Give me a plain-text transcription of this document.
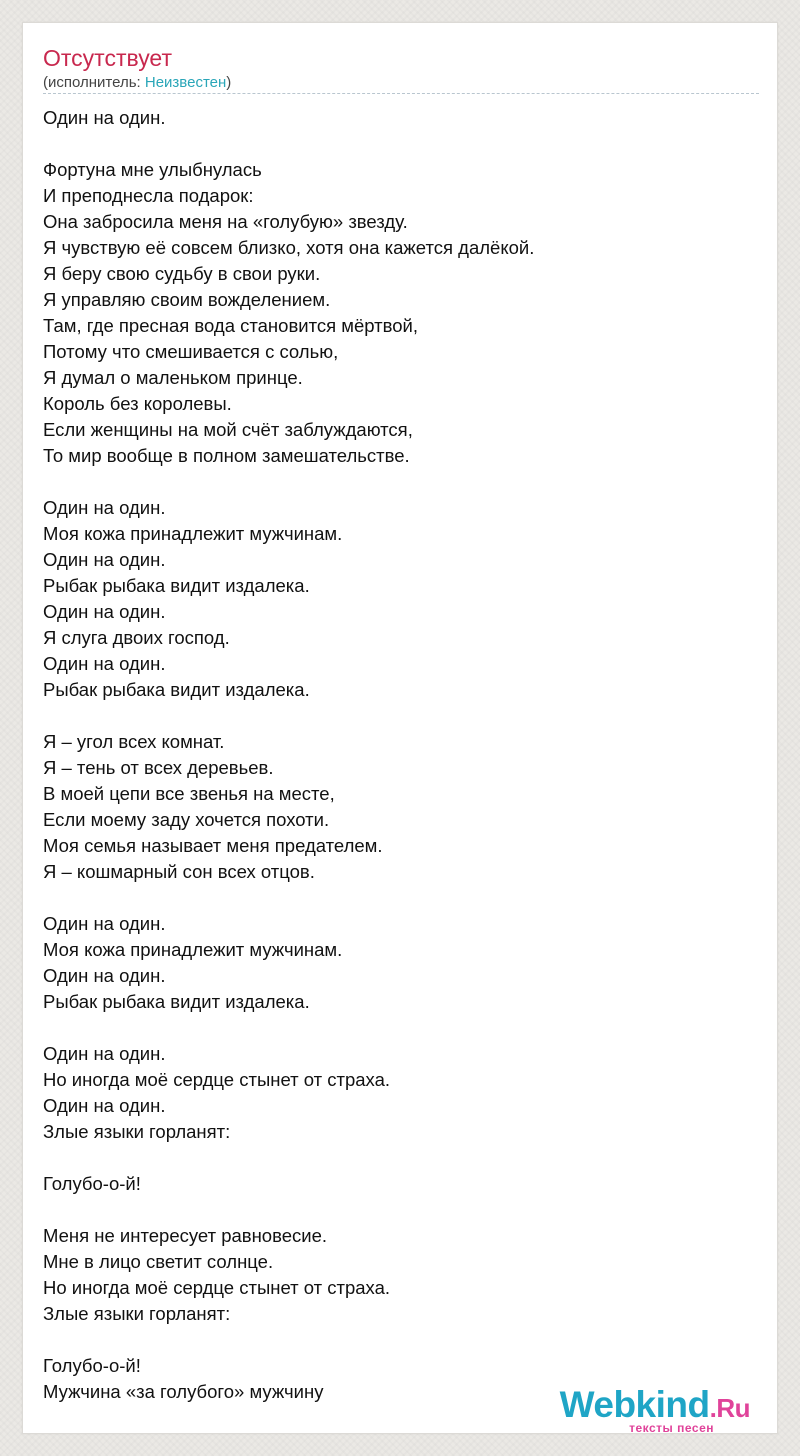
Отсутствует
(исполнитель: Неизвестен)
Один на один.
Фортуна мне улыбнулась
И преподнесла подарок:
Она забросила меня на «голубую» звезду.
Я чувствую её совсем близко, хотя она кажется далёкой.
Я беру свою судьбу в свои руки.
Я управляю своим вожделением.
Там, где пресная вода становится мёртвой,
Потому что смешивается с солью,
Я думал о маленьком принце.
Король без королевы.
Если женщины на мой счёт заблуждаются,
То мир вообще в полном замешательстве.
Один на один.
Моя кожа принадлежит мужчинам.
Один на один.
Рыбак рыбака видит издалека.
Один на один.
Я слуга двоих господ.
Один на один.
Рыбак рыбака видит издалека.
Я – угол всех комнат.
Я – тень от всех деревьев.
В моей цепи все звенья на месте,
Если моему заду хочется похоти.
Моя семья называет меня предателем.
Я – кошмарный сон всех отцов.
Один на один.
Моя кожа принадлежит мужчинам.
Один на один.
Рыбак рыбака видит издалека.
Один на один.
Но иногда моё сердце стынет от страха.
Один на один.
Злые языки горланят:
Голубо-о-й!
Меня не интересует равновесие.
Мне в лицо светит солнце.
Но иногда моё сердце стынет от страха.
Злые языки горланят:
Голубо-о-й!
Мужчина «за голубого» мужчину	Webkind.Ru
тексты песен
